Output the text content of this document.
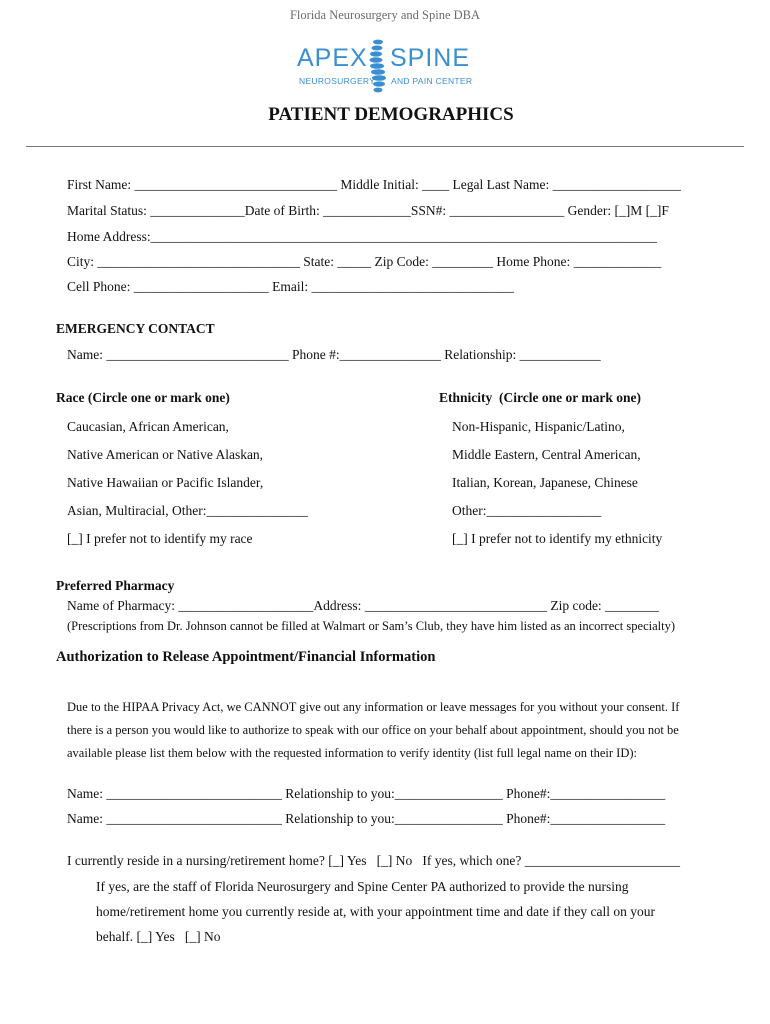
Florida Neurosurgery and Spine DBA

APEX

SPINE

NEUROSURGERY

AND PAIN CENTER

PATIENT DEMOGRAPHICS
First Name: ______________________________ Middle Initial: ____ Legal Last Name: ___________________
Marital Status: ______________Date of Birth: _____________SSN#: _________________ Gender: [_]M [_]F
Home Address:___________________________________________________________________________
City: ______________________________ State: _____ Zip Code: _________ Home Phone: _____________
Cell Phone: ____________________ Email: ______________________________
EMERGENCY CONTACT
Name: ___________________________ Phone #:_______________ Relationship: ____________
Race (Circle one or mark one)	Ethnicity  (Circle one or mark one)
Caucasian, African American,
Native American or Native Alaskan,
Native Hawaiian or Pacific Islander,
Asian, Multiracial, Other:_______________
[_] I prefer not to identify my race
Non-Hispanic, Hispanic/Latino,
Middle Eastern, Central American,
Italian, Korean, Japanese, Chinese
Other:_________________
[_] I prefer not to identify my ethnicity
Preferred Pharmacy
Name of Pharmacy: ____________________Address: ___________________________ Zip code: ________
(Prescriptions from Dr. Johnson cannot be filled at Walmart or Sam’s Club, they have him listed as an incorrect specialty)
Authorization to Release Appointment/Financial Information
Due to the HIPAA Privacy Act, we CANNOT give out any information or leave messages for you without your consent. If
there is a person you would like to authorize to speak with our office on your behalf about appointment, should you not be
available please list them below with the requested information to verify identity (list full legal name on their ID):
Name: __________________________ Relationship to you:________________ Phone#:_________________
Name: __________________________ Relationship to you:________________ Phone#:_________________
I currently reside in a nursing/retirement home? [_] Yes   [_] No   If yes, which one? _______________________
If yes, are the staff of Florida Neurosurgery and Spine Center PA authorized to provide the nursing
home/retirement home you currently reside at, with your appointment time and date if they call on your
behalf. [_] Yes   [_] No
